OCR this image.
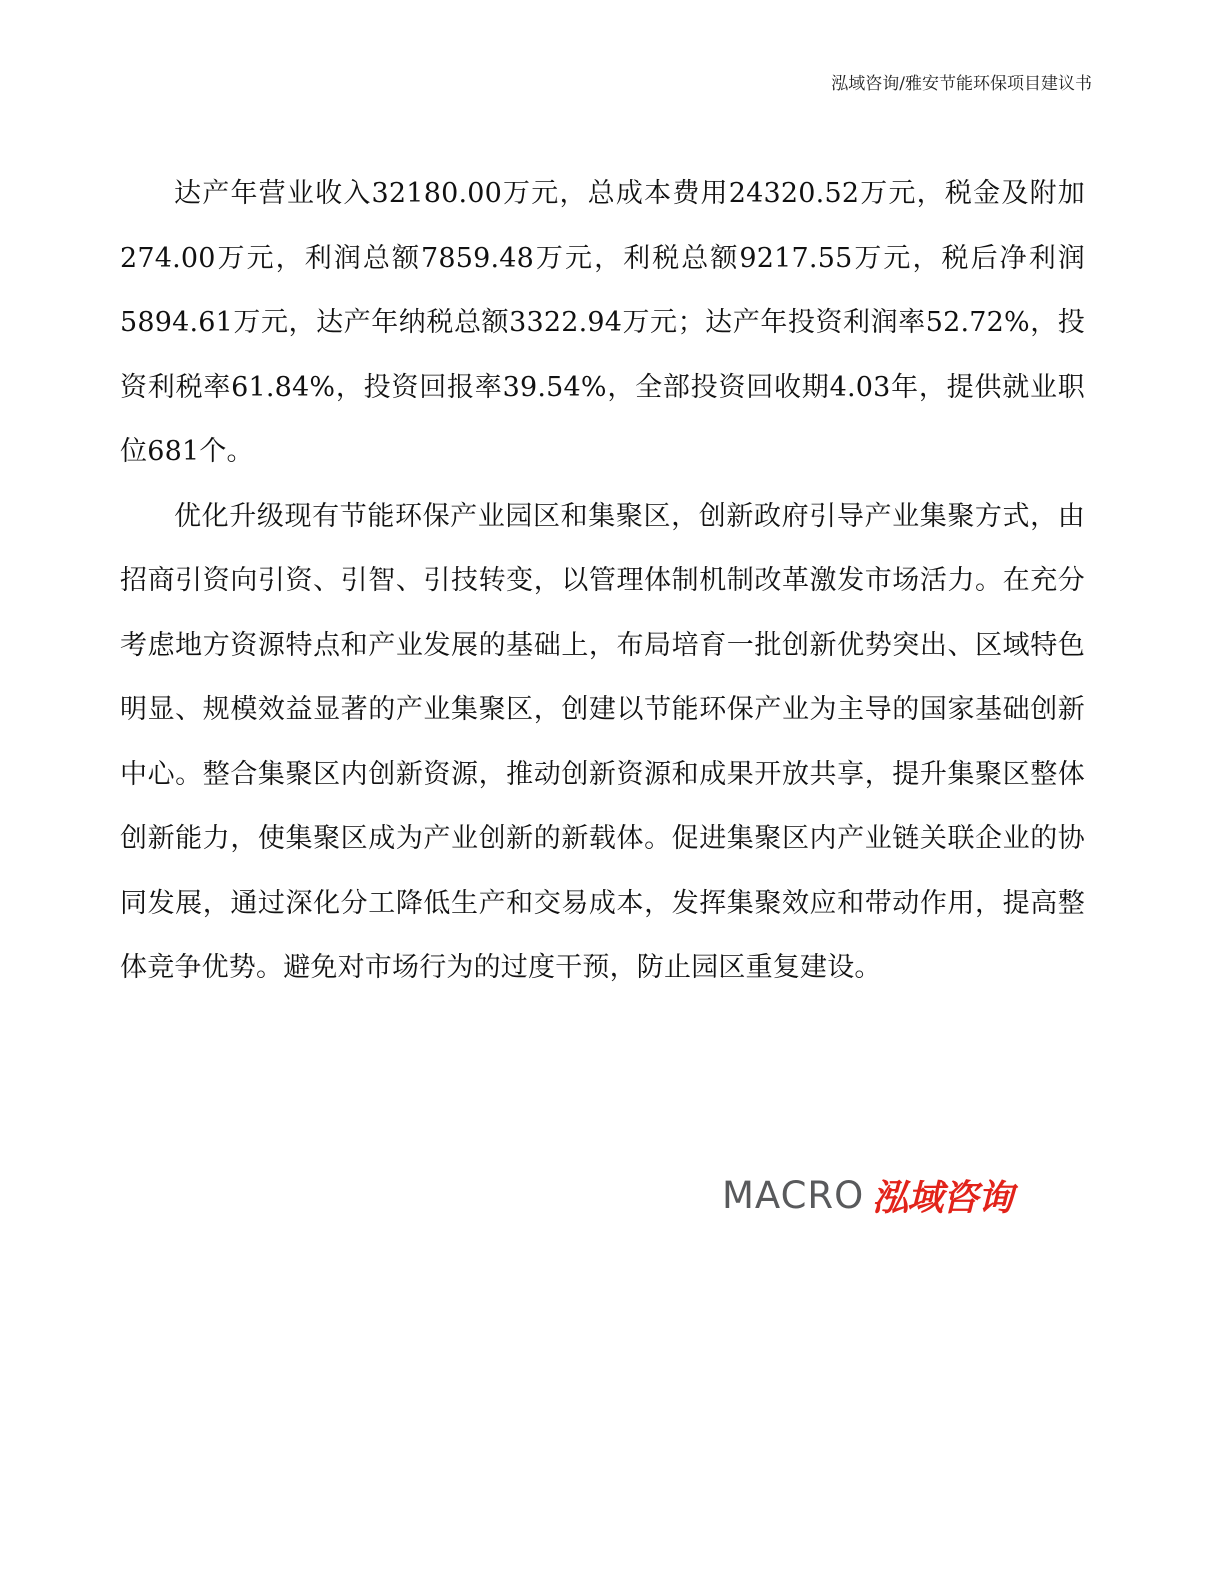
泓域咨询/雅安节能环保项目建议书

达产年营业收入32180.00万元，总成本费用24320.52万元，税金及附加274.00万元，利润总额7859.48万元，利税总额9217.55万元，税后净利润5894.61万元，达产年纳税总额3322.94万元；达产年投资利润率52.72%，投资利税率61.84%，投资回报率39.54%，全部投资回收期4.03年，提供就业职位681个。

优化升级现有节能环保产业园区和集聚区，创新政府引导产业集聚方式，由招商引资向引资、引智、引技转变，以管理体制机制改革激发市场活力。在充分考虑地方资源特点和产业发展的基础上，布局培育一批创新优势突出、区域特色明显、规模效益显著的产业集聚区，创建以节能环保产业为主导的国家基础创新中心。整合集聚区内创新资源，推动创新资源和成果开放共享，提升集聚区整体创新能力，使集聚区成为产业创新的新载体。促进集聚区内产业链关联企业的协同发展，通过深化分工降低生产和交易成本，发挥集聚效应和带动作用，提高整体竞争优势。避免对市场行为的过度干预，防止园区重复建设。

MACRO 泓域咨询
